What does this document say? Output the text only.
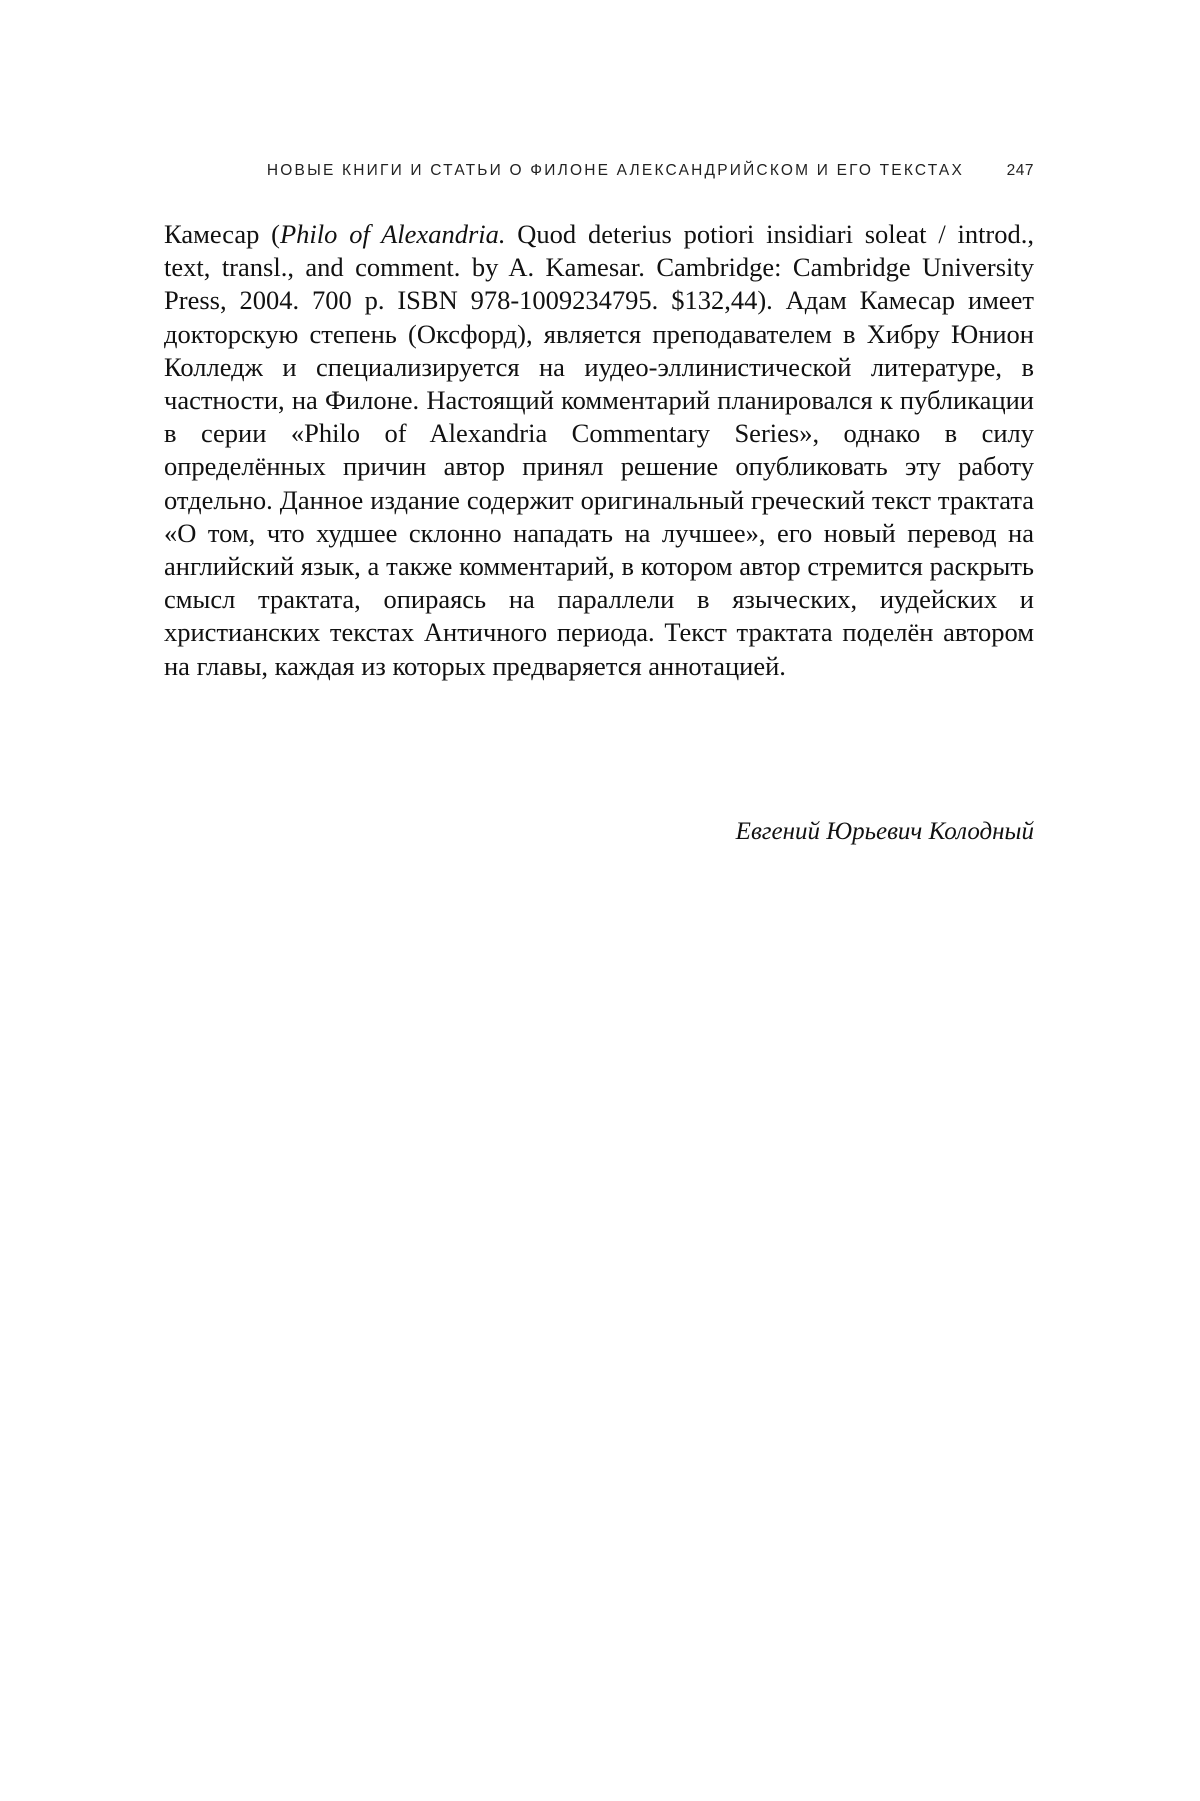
НОВЫЕ КНИГИ И СТАТЬИ О ФИЛОНЕ АЛЕКСАНДРИЙСКОМ И ЕГО ТЕКСТАХ	247

Камесар (Philo of Alexandria. Quod deterius potiori insidiari soleat / introd., text, transl., and comment. by A. Kamesar. Cambridge: Cambridge University Press, 2004. 700 p. ISBN 978-1009234795. $132,44). Адам Камесар имеет докторскую степень (Оксфорд), является преподавателем в Хибру Юнион Колледж и специализируется на иудео-эллинистической литературе, в частности, на Филоне. Настоящий комментарий планировался к публикации в серии «Philo of Alexandria Commentary Series», однако в силу определённых причин автор принял решение опубликовать эту работу отдельно. Данное издание содержит оригинальный греческий текст трактата «О том, что худшее склонно нападать на лучшее», его новый перевод на английский язык, а также комментарий, в котором автор стремится раскрыть смысл трактата, опираясь на параллели в языческих, иудейских и христианских текстах Античного периода. Текст трактата поделён автором на главы, каждая из которых предваряется аннотацией.

Евгений Юрьевич Колодный
